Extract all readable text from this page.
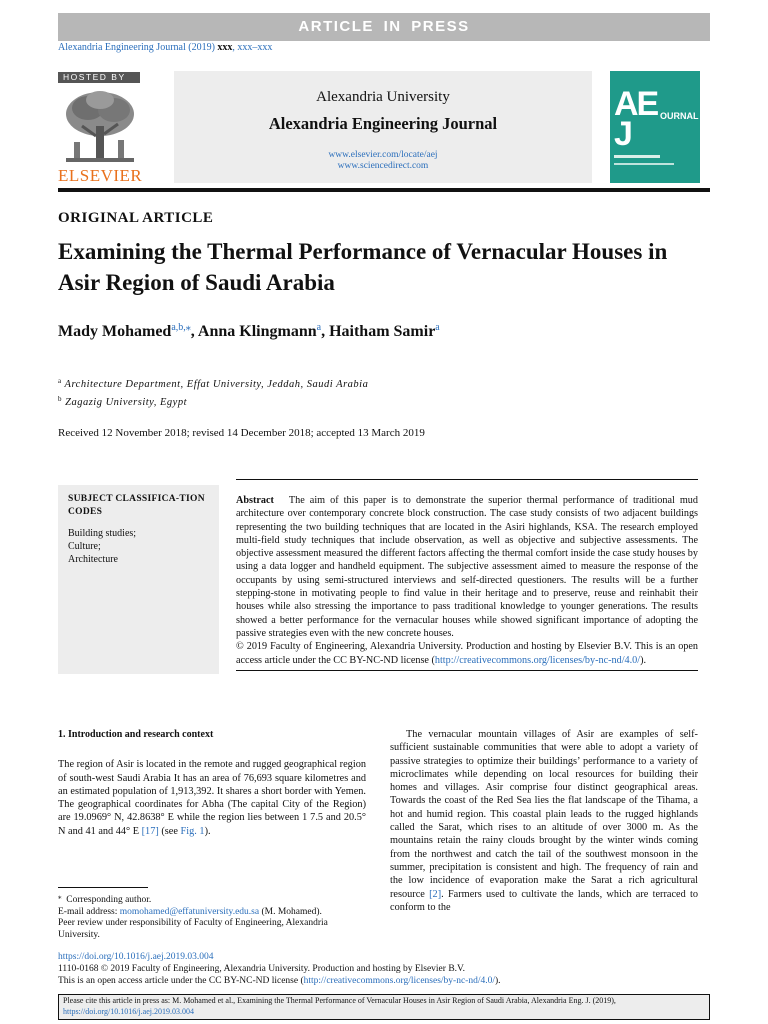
ARTICLE IN PRESS
Alexandria Engineering Journal (2019) xxx, xxx–xxx
HOSTED BY
ELSEVIER
Alexandria University
Alexandria Engineering Journal
www.elsevier.com/locate/aej
www.sciencedirect.com
AE
J	OURNAL
ORIGINAL ARTICLE
Examining the Thermal Performance of Vernacular Houses in Asir Region of Saudi Arabia
Mady Mohamed$^{a,b,⁎}$, Anna Klingmann$^a$, Haitham Samir$^a$
$^a$ Architecture Department, Effat University, Jeddah, Saudi Arabia
$^b$ Zagazig University, Egypt
Received 12 November 2018; revised 14 December 2018; accepted 13 March 2019
SUBJECT CLASSIFICA-TION CODES
Building studies;
Culture;
Architecture

Abstract The aim of this paper is to demonstrate the superior thermal performance of traditional mud architecture over contemporary concrete block construction. The case study consists of two adjacent buildings representing the two building techniques that are located in the Asiri highlands, KSA. The research employed multi-field study techniques that include observation, as well as objective and subjective assessments. The objective assessment measured the different factors affecting the thermal comfort inside the case study houses by using a data logger and handheld equipment. The subjective assessment aimed to measure the response of the occupants by using semi-structured interviews and self-directed questioners. The results will be a further stepping-stone in motivating people to find value in their heritage and to preserve, reuse and reinhabit their houses while also stressing the importance to pass traditional knowledge to younger generations. The results showed a better performance for the vernacular houses while showed significant importance of adopting the passive strategies even with the new concrete houses.

© 2019 Faculty of Engineering, Alexandria University. Production and hosting by Elsevier B.V. This is an open access article under the CC BY-NC-ND license (http://creativecommons.org/licenses/by-nc-nd/4.0/).

1. Introduction and research context

The region of Asir is located in the remote and rugged geographical region of south-west Saudi Arabia It has an area of 76,693 square kilometres and an estimated population of 1,913,392. It shares a short border with Yemen. The geographical coordinates for Abha (The capital City of the Region) are 19.0969° N, 42.8638° E while the region lies between 1 7.5 and 20.5° N and 41 and 44° E [17] (see Fig. 1).

The vernacular mountain villages of Asir are examples of self-sufficient sustainable communities that were able to adopt a variety of passive strategies to optimize their buildings’ performance to a variety of microclimates while depending on local resources for building their homes and villages. Asir comprise four distinct geographical areas. Towards the coast of the Red Sea lies the flat landscape of the Tihama, a hot and humid region. This coastal plain leads to the rugged highlands called the Sarat, which rises to an altitude of over 3000 m. As the mountains retain the rainy clouds brought by the winter winds coming from the northwest and catch the tail of the southwest monsoon in the summer, precipitation is consistent and high. The frequency of rain and the low incidence of evaporation make the Sarat a rich agricultural resource [2]. Farmers used to cultivate the lands, which are terraced to conform to the

⁎ Corresponding author.
E-mail address: momohamed@effatuniversity.edu.sa (M. Mohamed).
Peer review under responsibility of Faculty of Engineering, Alexandria University.
https://doi.org/10.1016/j.aej.2019.03.004
1110-0168 © 2019 Faculty of Engineering, Alexandria University. Production and hosting by Elsevier B.V.
This is an open access article under the CC BY-NC-ND license (http://creativecommons.org/licenses/by-nc-nd/4.0/).
Please cite this article in press as: M. Mohamed et al., Examining the Thermal Performance of Vernacular Houses in Asir Region of Saudi Arabia, Alexandria Eng. J. (2019), https://doi.org/10.1016/j.aej.2019.03.004
